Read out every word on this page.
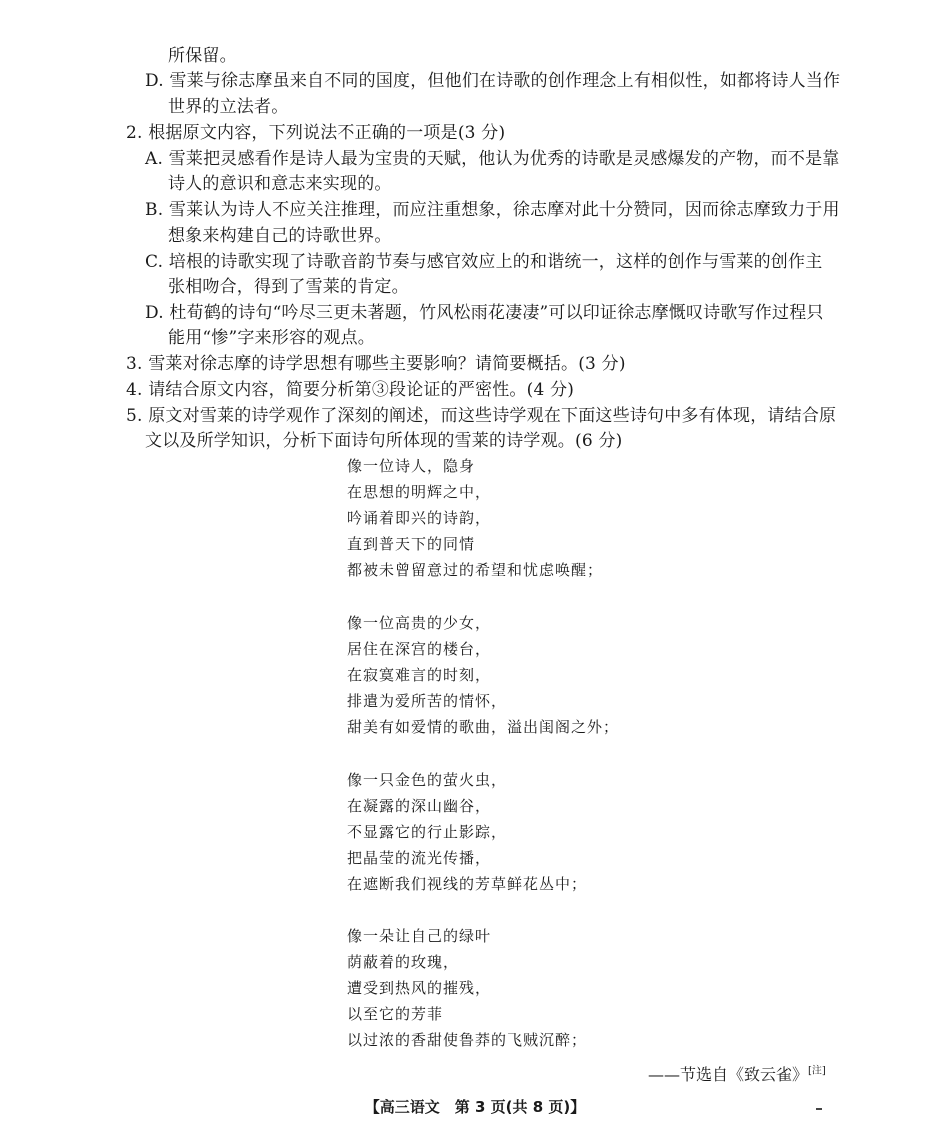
所保留。
D. 雪莱与徐志摩虽来自不同的国度，但他们在诗歌的创作理念上有相似性，如都将诗人当作
世界的立法者。
2. 根据原文内容，下列说法不正确的一项是(3 分)
A. 雪莱把灵感看作是诗人最为宝贵的天赋，他认为优秀的诗歌是灵感爆发的产物，而不是靠
诗人的意识和意志来实现的。
B. 雪莱认为诗人不应关注推理，而应注重想象，徐志摩对此十分赞同，因而徐志摩致力于用
想象来构建自己的诗歌世界。
C. 培根的诗歌实现了诗歌音韵节奏与感官效应上的和谐统一，这样的创作与雪莱的创作主
张相吻合，得到了雪莱的肯定。
D. 杜荀鹤的诗句“吟尽三更未著题，竹风松雨花凄凄”可以印证徐志摩慨叹诗歌写作过程只
能用“惨”字来形容的观点。
3. 雪莱对徐志摩的诗学思想有哪些主要影响？请简要概括。(3 分)
4. 请结合原文内容，简要分析第③段论证的严密性。(4 分)
5. 原文对雪莱的诗学观作了深刻的阐述，而这些诗学观在下面这些诗句中多有体现，请结合原
文以及所学知识，分析下面诗句所体现的雪莱的诗学观。(6 分)
像一位诗人，隐身
在思想的明辉之中，
吟诵着即兴的诗韵，
直到普天下的同情
都被未曾留意过的希望和忧虑唤醒；
像一位高贵的少女，
居住在深宫的楼台，
在寂寞难言的时刻，
排遣为爱所苦的情怀，
甜美有如爱情的歌曲，溢出闺阁之外；
像一只金色的萤火虫，
在凝露的深山幽谷，
不显露它的行止影踪，
把晶莹的流光传播，
在遮断我们视线的芳草鲜花丛中；
像一朵让自己的绿叶
荫蔽着的玫瑰，
遭受到热风的摧残，
以至它的芳菲
以过浓的香甜使鲁莽的飞贼沉醉；
——节选自《致云雀》[注]
【高三语文　第 3 页(共 8 页)】
